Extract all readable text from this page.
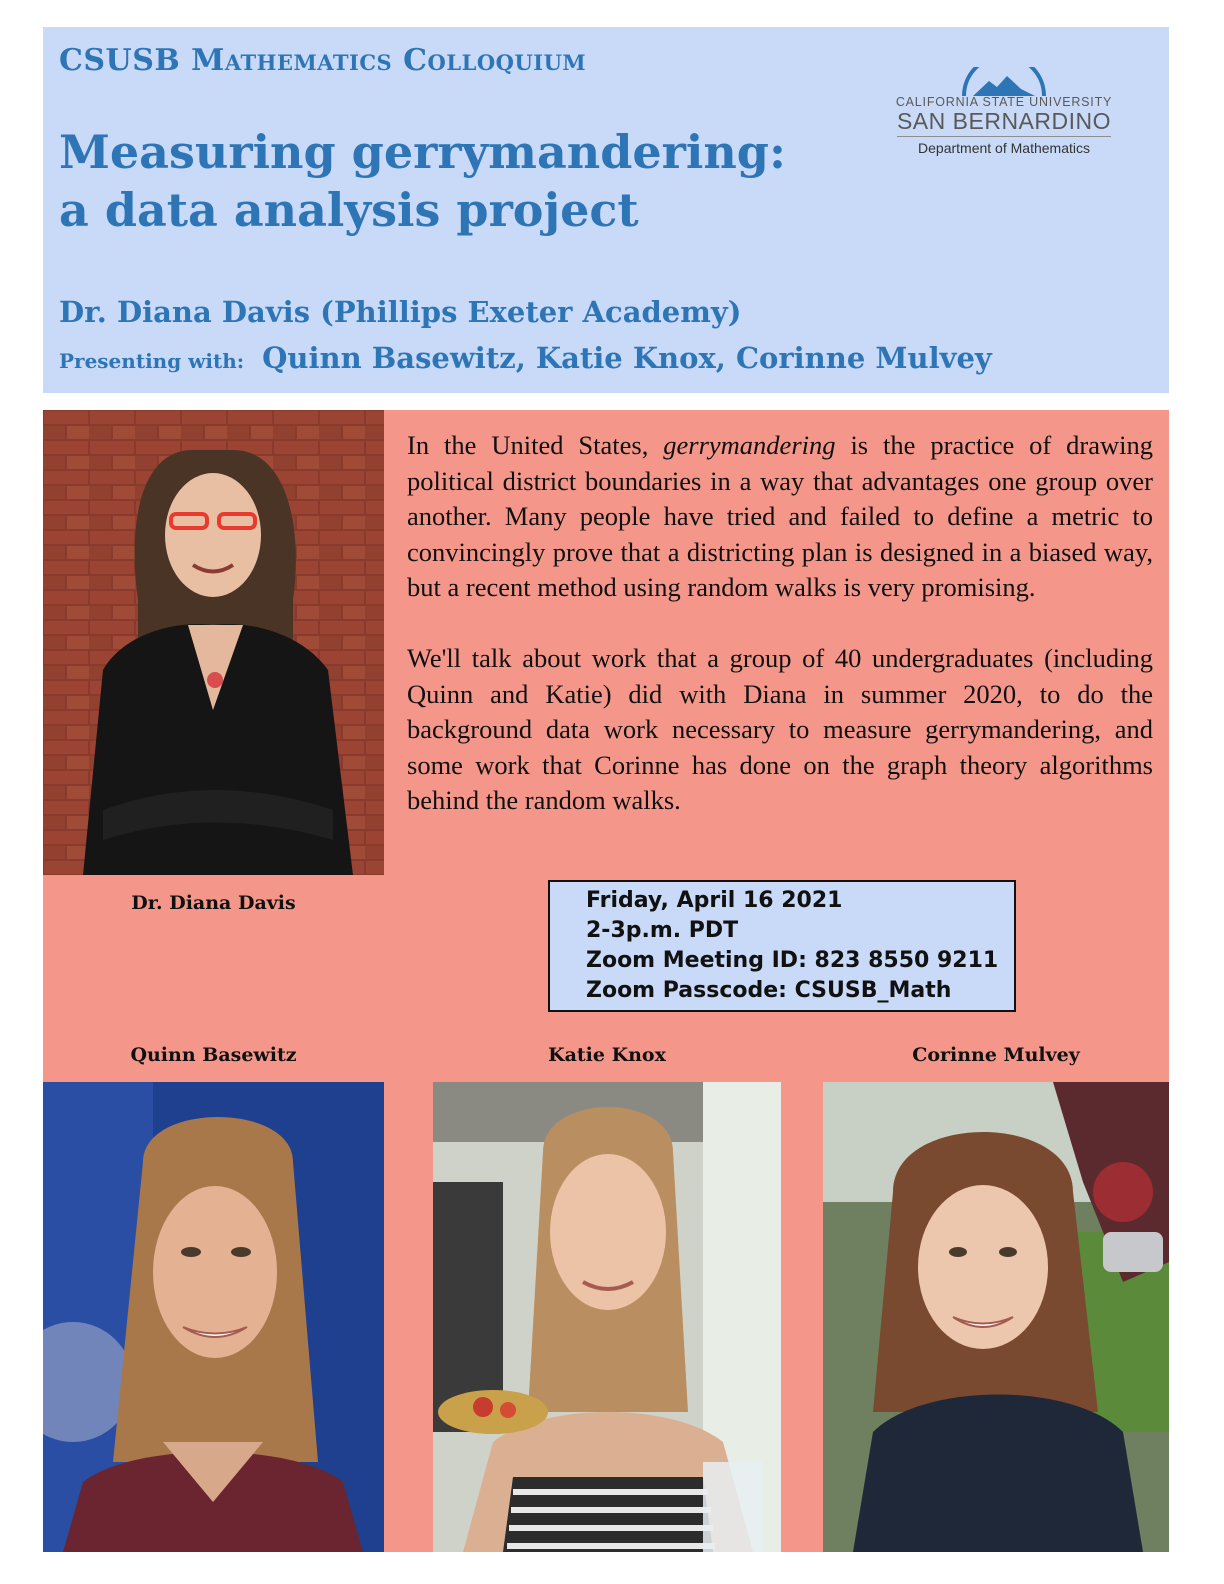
CSUSB Mathematics Colloquium
Measuring gerrymandering:
a data analysis project
Dr. Diana Davis (Phillips Exeter Academy)
Presenting with: Quinn Basewitz, Katie Knox, Corinne Mulvey
CALIFORNIA STATE UNIVERSITY
SAN BERNARDINO
Department of Mathematics
Dr. Diana Davis

In the United States, gerrymandering is the practice of drawing political district boundaries in a way that advantages one group over another. Many people have tried and failed to define a metric to convincingly prove that a districting plan is designed in a biased way, but a recent method using random walks is very promising.

We'll talk about work that a group of 40 undergraduates (including Quinn and Katie) did with Diana in summer 2020, to do the background data work necessary to measure gerrymandering, and some work that Corinne has done on the graph theory algorithms behind the random walks.

Friday, April 16 2021
2-3p.m. PDT
Zoom Meeting ID: 823 8550 9211
Zoom Passcode: CSUSB_Math
Quinn Basewitz	Katie Knox	Corinne Mulvey
